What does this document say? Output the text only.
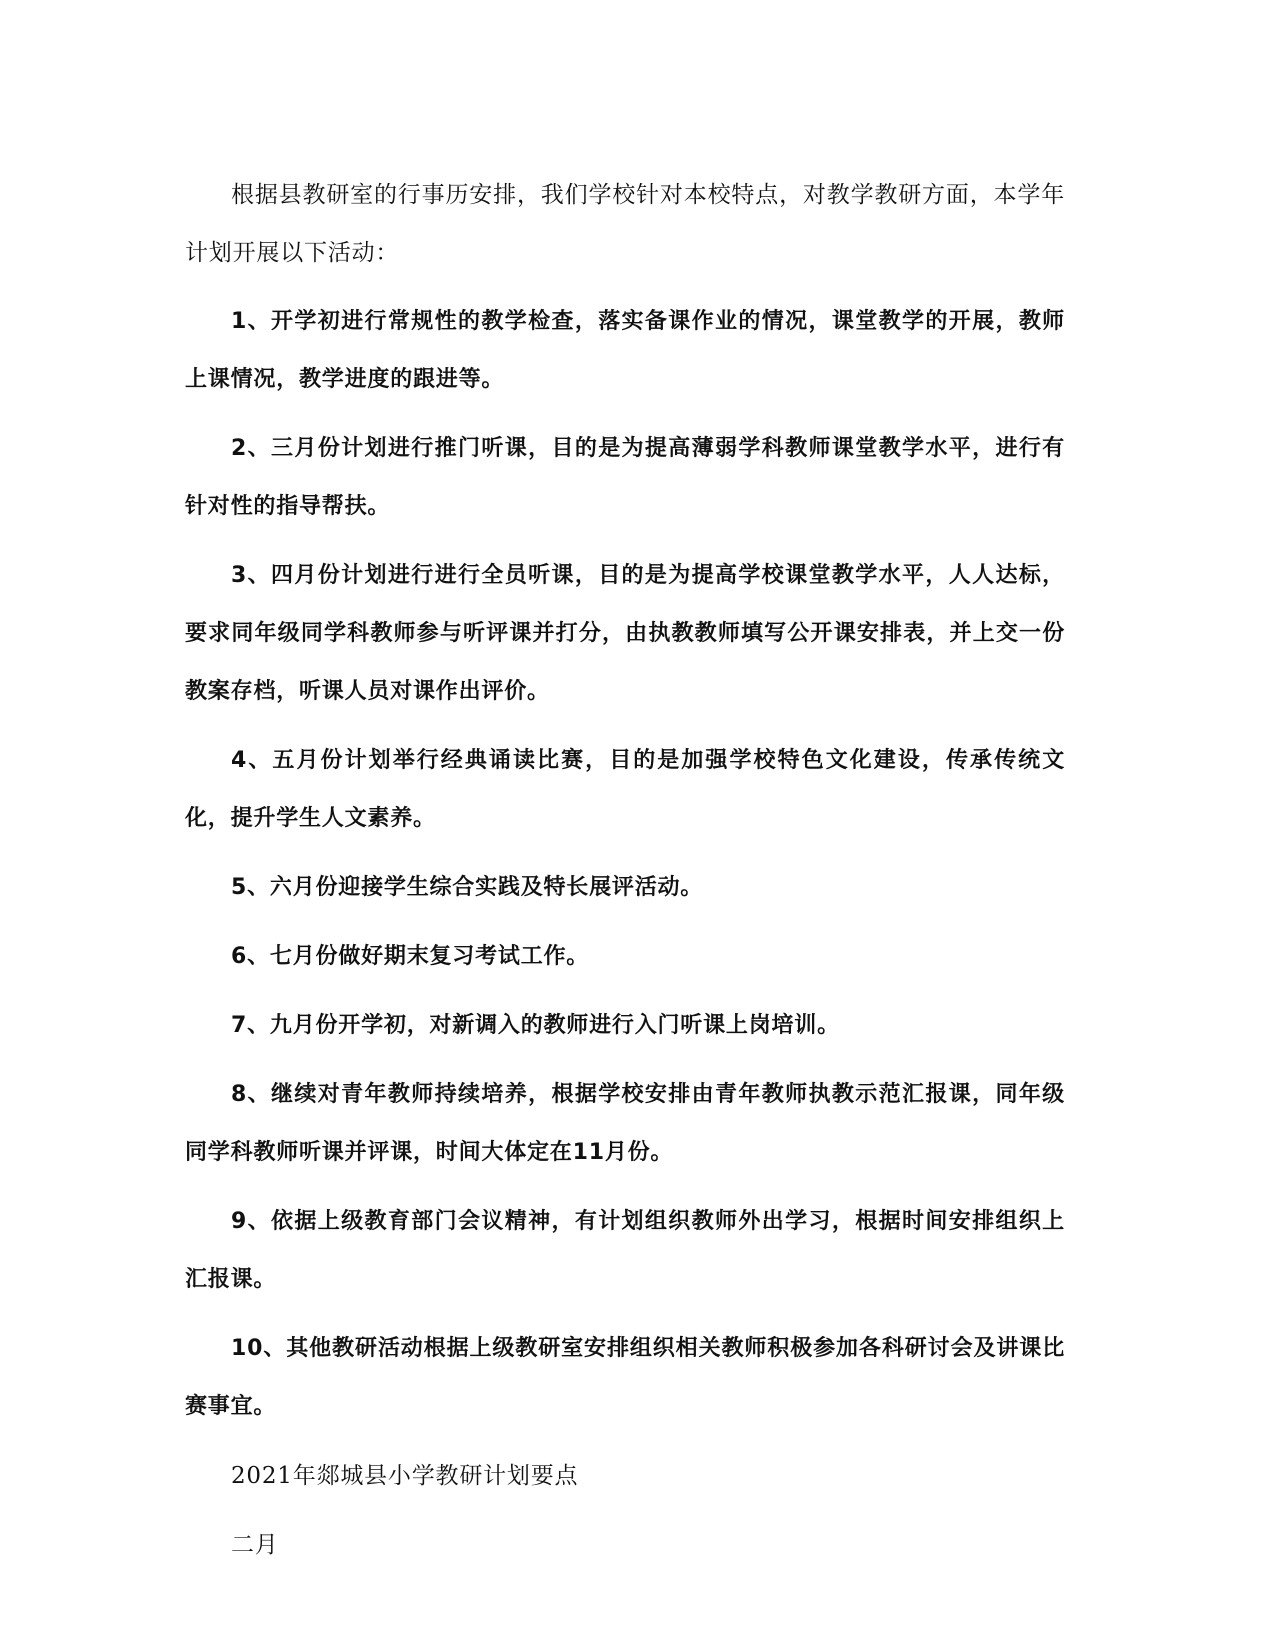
根据县教研室的行事历安排，我们学校针对本校特点，对教学教研方面，本学年计划开展以下活动：

1、开学初进行常规性的教学检查，落实备课作业的情况，课堂教学的开展，教师上课情况，教学进度的跟进等。

2、三月份计划进行推门听课，目的是为提高薄弱学科教师课堂教学水平，进行有针对性的指导帮扶。

3、四月份计划进行进行全员听课，目的是为提高学校课堂教学水平，人人达标，要求同年级同学科教师参与听评课并打分，由执教教师填写公开课安排表，并上交一份教案存档，听课人员对课作出评价。

4、五月份计划举行经典诵读比赛，目的是加强学校特色文化建设，传承传统文化，提升学生人文素养。

5、六月份迎接学生综合实践及特长展评活动。

6、七月份做好期末复习考试工作。

7、九月份开学初，对新调入的教师进行入门听课上岗培训。

8、继续对青年教师持续培养，根据学校安排由青年教师执教示范汇报课，同年级同学科教师听课并评课，时间大体定在11月份。

9、依据上级教育部门会议精神，有计划组织教师外出学习，根据时间安排组织上汇报课。

10、其他教研活动根据上级教研室安排组织相关教师积极参加各科研讨会及讲课比赛事宜。

2021年郯城县小学教研计划要点

二月
